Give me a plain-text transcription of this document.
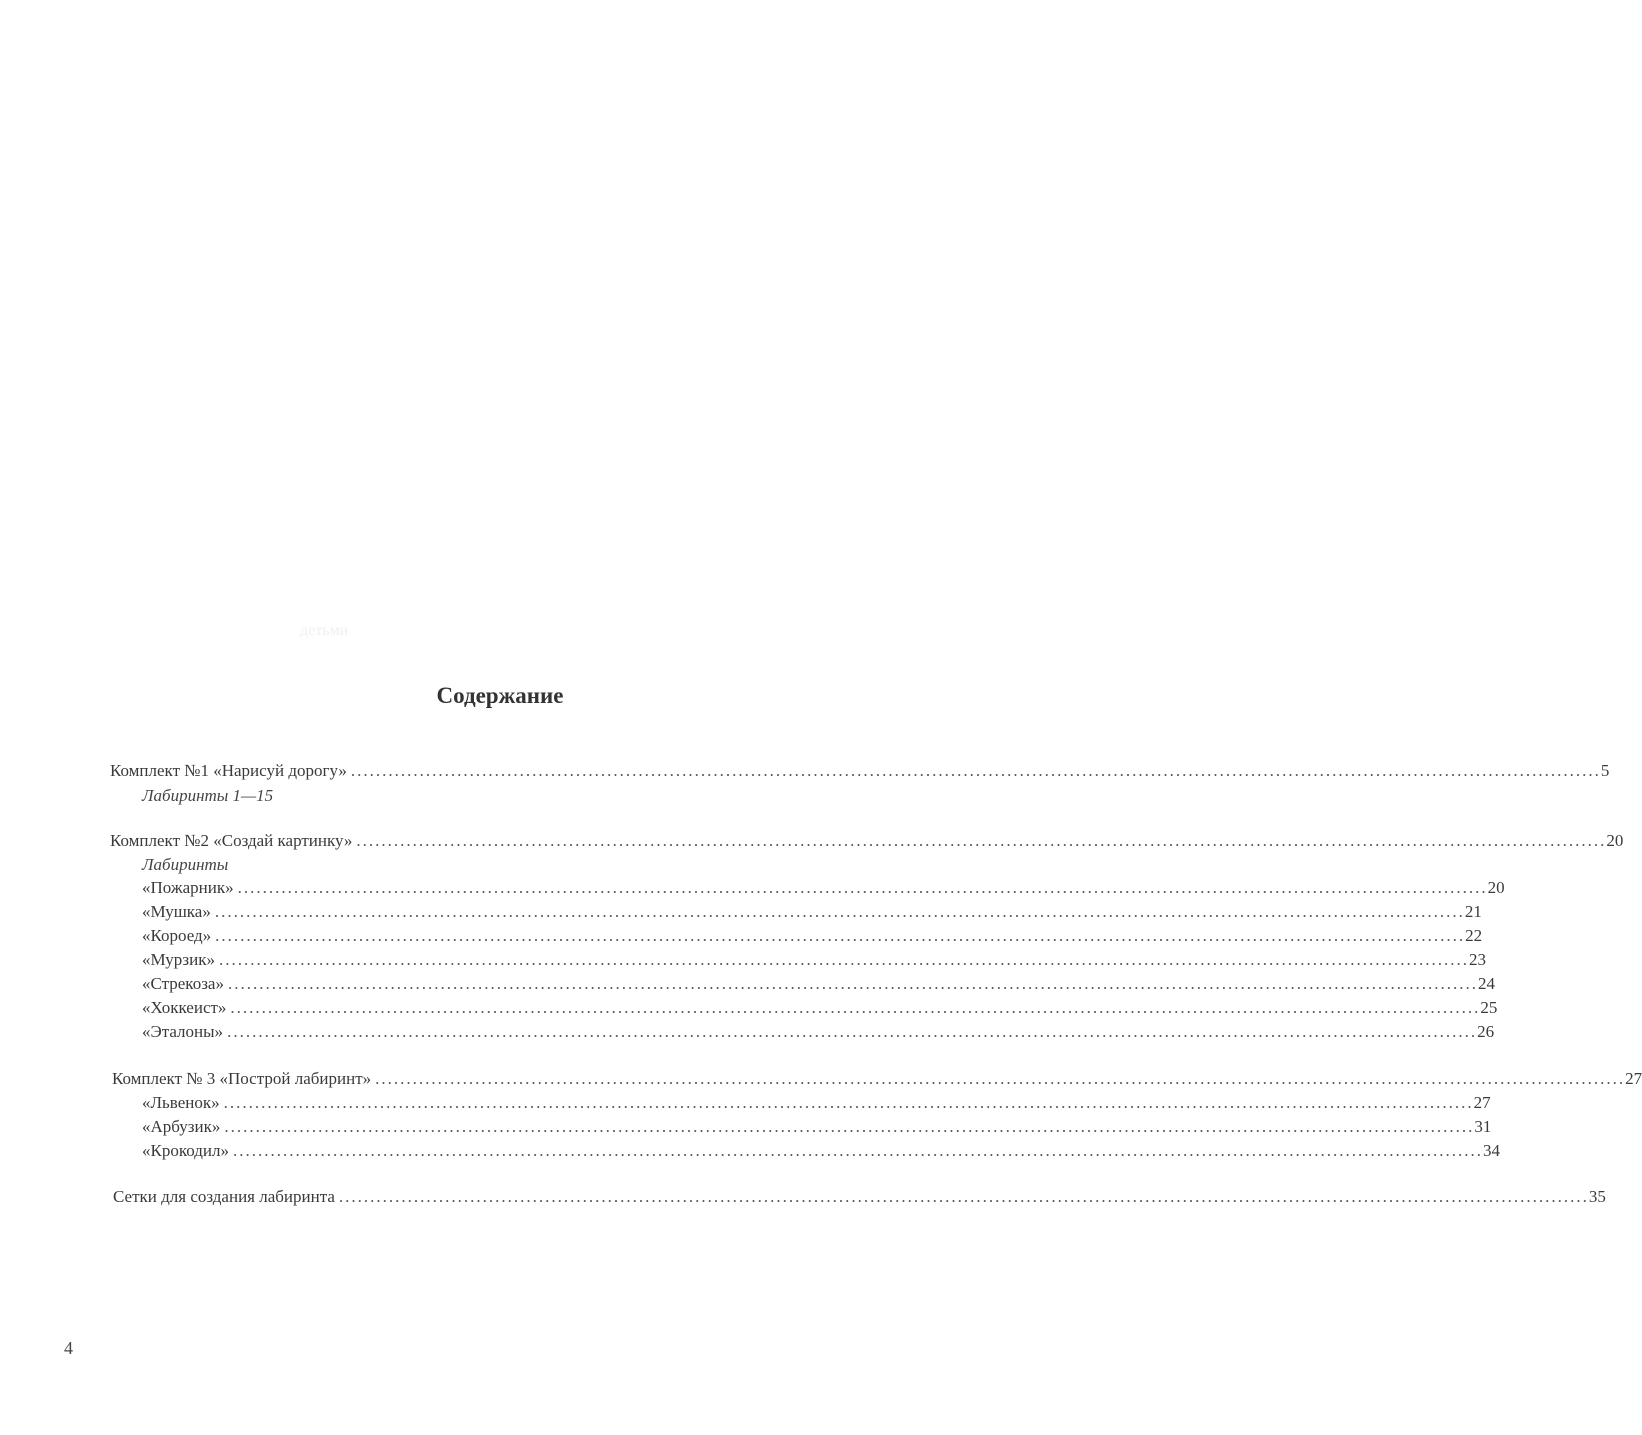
детьми
Содержание
Комплект №1 «Нарисуй дорогу» ........................................................................................................................................................................................................ 5
Лабиринты 1—15
Комплект №2 «Создай картинку» ........................................................................................................................................................................................................ 20
Лабиринты
«Пожарник» ........................................................................................................................................................................................................ 20
«Мушка» ........................................................................................................................................................................................................ 21
«Короед» ........................................................................................................................................................................................................ 22
«Мурзик» ........................................................................................................................................................................................................ 23
«Стрекоза» ........................................................................................................................................................................................................ 24
«Хоккеист» ........................................................................................................................................................................................................ 25
«Эталоны» ........................................................................................................................................................................................................ 26
Комплект № 3 «Построй лабиринт» ........................................................................................................................................................................................................ 27
«Львенок» ........................................................................................................................................................................................................ 27
«Арбузик» ........................................................................................................................................................................................................ 31
«Крокодил» ........................................................................................................................................................................................................ 34
Сетки для создания лабиринта ........................................................................................................................................................................................................ 35
4
